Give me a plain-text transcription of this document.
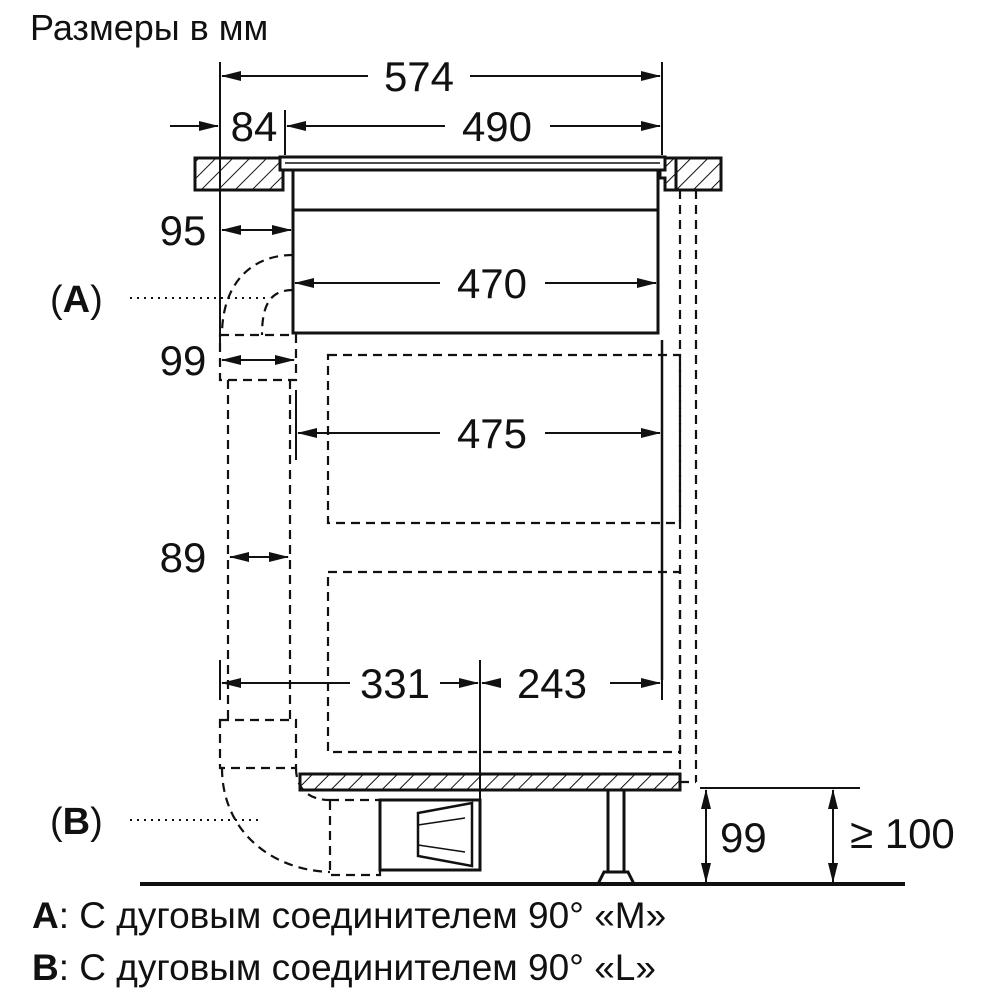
Размеры в мм
574
84	490
95
470
99
475
89
331 243
99 ≥ 100
(A)
(B)
A: С дуговым соединителем 90° «M»
B: С дуговым соединителем 90° «L»
